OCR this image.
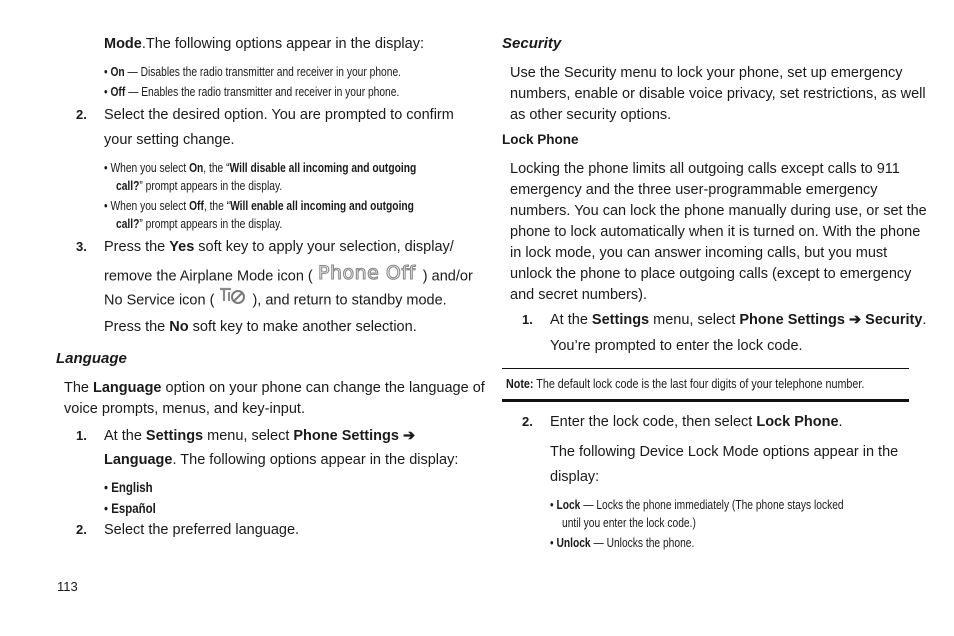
Mode.The following options appear in the display:
• On — Disables the radio transmitter and receiver in your phone.
• Off — Enables the radio transmitter and receiver in your phone.
2. Select the desired option. You are prompted to confirm
your setting change.
• When you select On, the “Will disable all incoming and outgoing
call?” prompt appears in the display.
• When you select Off, the “Will enable all incoming and outgoing
call?” prompt appears in the display.
3. Press the Yes soft key to apply your selection, display/
remove the Airplane Mode icon ( Phone Off ) and/or
No Service icon (  ), and return to standby mode.
Press the No soft key to make another selection.
Language
The Language option on your phone can change the language of
voice prompts, menus, and key-input.
1. At the Settings menu, select Phone Settings ➔
Language. The following options appear in the display:
• English
• Español
2. Select the preferred language.
113
Security
Use the Security menu to lock your phone, set up emergency
numbers, enable or disable voice privacy, set restrictions, as well
as other security options.
Lock Phone
Locking the phone limits all outgoing calls except calls to 911
emergency and the three user-programmable emergency
numbers. You can lock the phone manually during use, or set the
phone to lock automatically when it is turned on. With the phone
in lock mode, you can answer incoming calls, but you must
unlock the phone to place outgoing calls (except to emergency
and secret numbers).
1. At the Settings menu, select Phone Settings ➔ Security.
You’re prompted to enter the lock code.
Note: The default lock code is the last four digits of your telephone number.
2. Enter the lock code, then select Lock Phone.
The following Device Lock Mode options appear in the
display:
• Lock — Locks the phone immediately (The phone stays locked
until you enter the lock code.)
• Unlock — Unlocks the phone.
